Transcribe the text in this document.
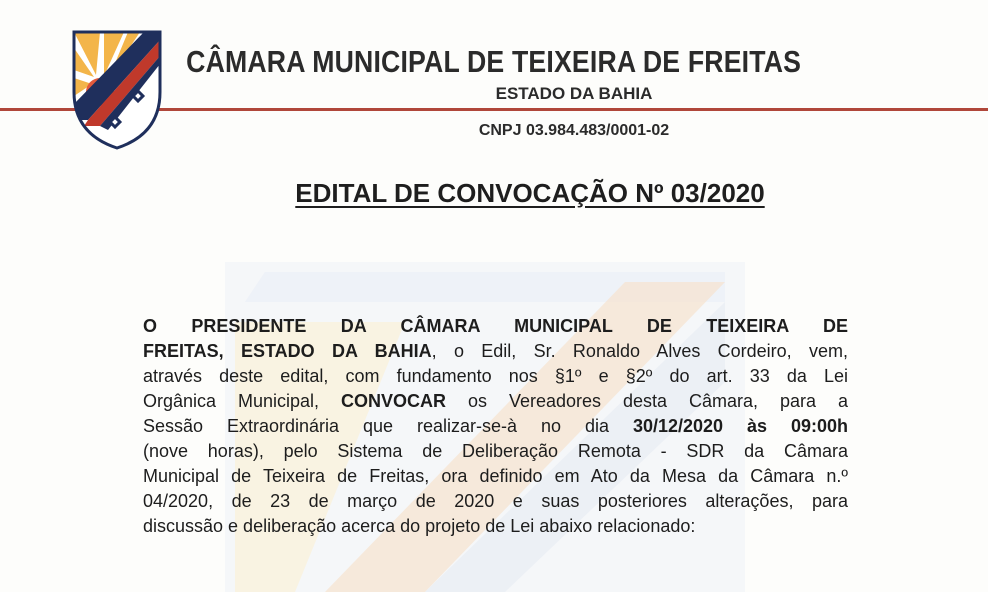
CÂMARA MUNICIPAL DE TEIXEIRA DE FREITAS
ESTADO DA BAHIA
CNPJ 03.984.483/0001-02
EDITAL DE CONVOCAÇÃO Nº 03/2020
O PRESIDENTE DA CÂMARA MUNICIPAL DE TEIXEIRA DE
FREITAS, ESTADO DA BAHIA, o Edil, Sr. Ronaldo Alves Cordeiro, vem,
através deste edital, com fundamento nos §1º e §2º do art. 33 da Lei
Orgânica Municipal, CONVOCAR os Vereadores desta Câmara, para a
Sessão Extraordinária que realizar-se-à no dia 30/12/2020 às 09:00h
(nove horas), pelo Sistema de Deliberação Remota - SDR da Câmara
Municipal de Teixeira de Freitas, ora definido em Ato da Mesa da Câmara n.º
04/2020, de 23 de março de 2020 e suas posteriores alterações, para
discussão e deliberação acerca do projeto de Lei abaixo relacionado:
